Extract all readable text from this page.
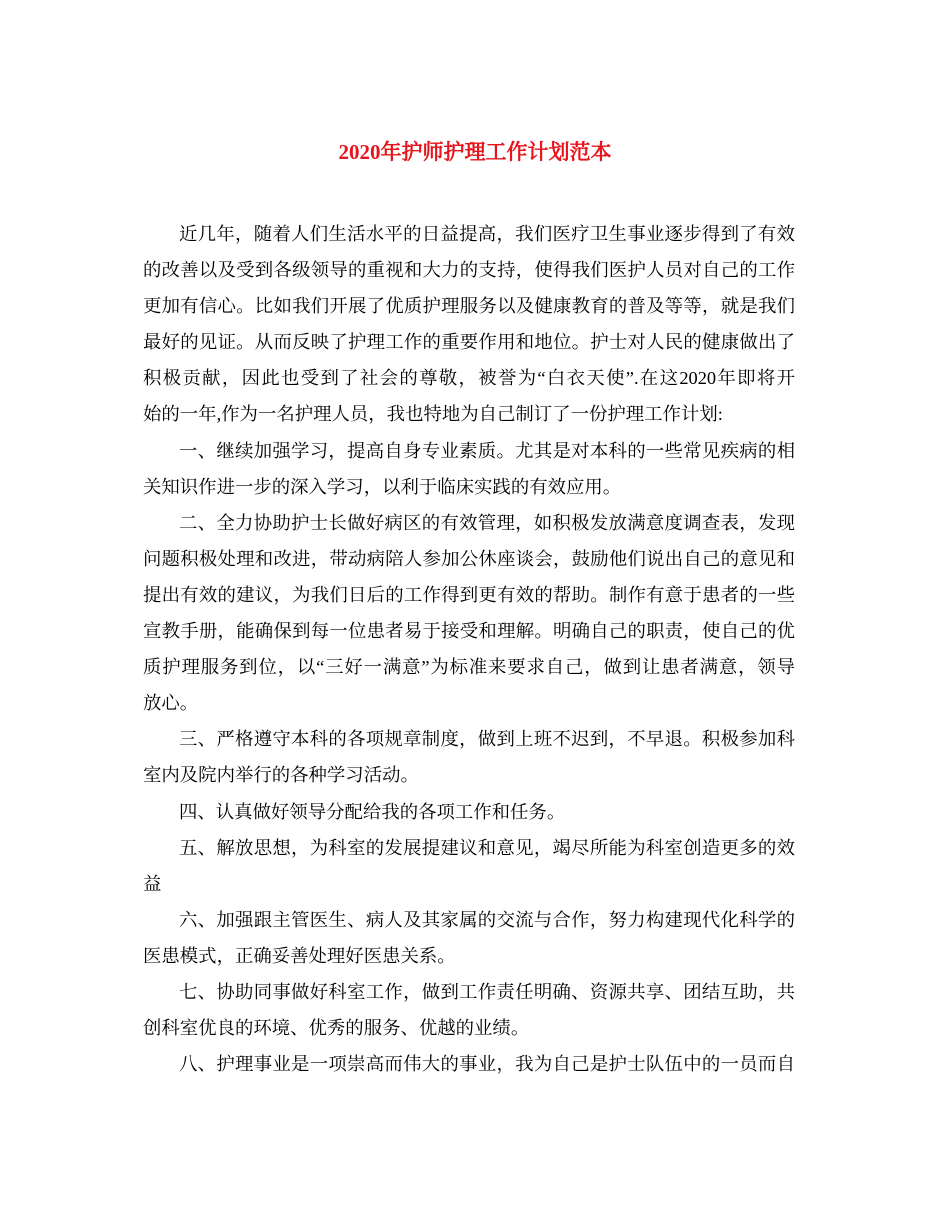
2020年护师护理工作计划范本
近几年，随着人们生活水平的日益提高，我们医疗卫生事业逐步得到了有效
的改善以及受到各级领导的重视和大力的支持，使得我们医护人员对自己的工作
更加有信心。比如我们开展了优质护理服务以及健康教育的普及等等，就是我们
最好的见证。从而反映了护理工作的重要作用和地位。护士对人民的健康做出了
积极贡献，因此也受到了社会的尊敬，被誉为“白衣天使”.在这2020年即将开
始的一年,作为一名护理人员，我也特地为自己制订了一份护理工作计划:
一、继续加强学习，提高自身专业素质。尤其是对本科的一些常见疾病的相
关知识作进一步的深入学习，以利于临床实践的有效应用。
二、全力协助护士长做好病区的有效管理，如积极发放满意度调查表，发现
问题积极处理和改进，带动病陪人参加公休座谈会，鼓励他们说出自己的意见和
提出有效的建议，为我们日后的工作得到更有效的帮助。制作有意于患者的一些
宣教手册，能确保到每一位患者易于接受和理解。明确自己的职责，使自己的优
质护理服务到位，以“三好一满意”为标准来要求自己，做到让患者满意，领导
放心。
三、严格遵守本科的各项规章制度，做到上班不迟到，不早退。积极参加科
室内及院内举行的各种学习活动。
四、认真做好领导分配给我的各项工作和任务。
五、解放思想，为科室的发展提建议和意见，竭尽所能为科室创造更多的效
益
六、加强跟主管医生、病人及其家属的交流与合作，努力构建现代化科学的
医患模式，正确妥善处理好医患关系。
七、协助同事做好科室工作，做到工作责任明确、资源共享、团结互助，共
创科室优良的环境、优秀的服务、优越的业绩。
八、护理事业是一项崇高而伟大的事业，我为自己是护士队伍中的一员而自
